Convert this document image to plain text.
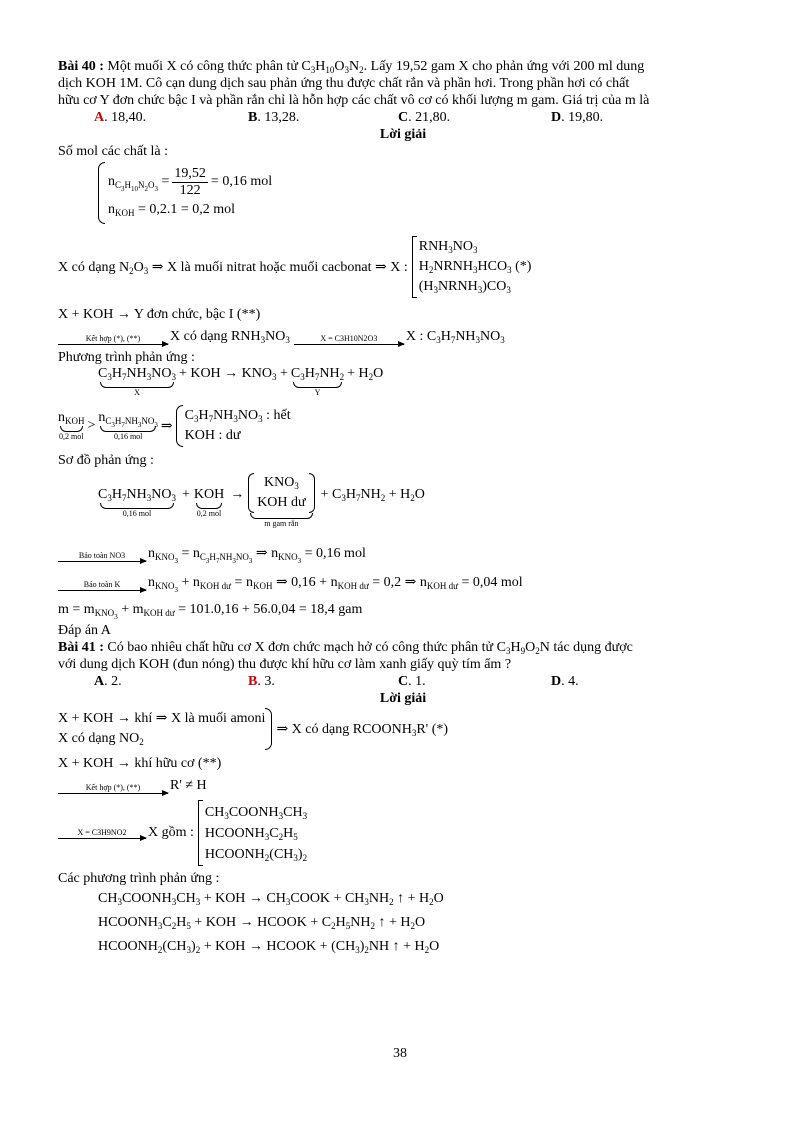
Bài 40 : Một muối X có công thức phân tử $C_3H_{10}O_3N_2$. Lấy 19,52 gam X cho phản ứng với 200 ml dung

dịch KOH 1M. Cô cạn dung dịch sau phản ứng thu được chất rắn và phần hơi. Trong phần hơi có chất

hữu cơ Y đơn chức bậc I và phần rắn chỉ là hỗn hợp các chất vô cơ có khối lượng m gam. Giá trị của m là

A. 18,40.	B. 13,28.	C. 21,80.	D. 19,80.

Lời giải

Số mol các chất là :

$n_{C_3H_{10}N_2O_3} = \frac{19,52}{122} = 0,16$ mol
$n_{KOH} = 0,2.1 = 0,2$ mol
X có dạng $N_2O_3$ ⇒ X là muối nitrat hoặc muối cacbonat ⇒ X :
$RNH_3NO_3$
$H_2NRNH_3HCO_3$ (*)
$(H_3NRNH_3)CO_3$

X + KOH → Y đơn chức, bậc I (**)

Kết hợp (*), (**)	X có dạng $RNH_3NO_3$	X = C3H10N2O3	X : $C_3H_7NH_3NO_3$

Phương trình phản ứng :

$C_3H_7NH_3NO_3$
X
+ KOH → $KNO_3 + C_3H_7NH_2$
Y
+ $H_2O$
$n_{KOH}$
0,2 mol
>
$n_{C_3H_7NH_3NO_3}$
0,16 mol
⇒
$C_3H_7NH_3NO_3$ : hết
KOH : dư

Sơ đồ phản ứng :

$C_3H_7NH_3NO_3$
0,16 mol
+ KOH
0,2 mol
→
$KNO_3$
KOH dư
m gam rắn
+ $C_3H_7NH_2 + H_2O$
Bảo toàn NO3	$n_{KNO_3} = n_{C_3H_7NH_3NO_3}$ ⇒ $n_{KNO_3} = 0,16$ mol
Bảo toàn K	$n_{KNO_3} + n_{KOH dư} = n_{KOH}$ ⇒ $0,16 + n_{KOH dư} = 0,2$ ⇒ $n_{KOH dư} = 0,04$ mol

$m = m_{KNO_3} + m_{KOH dư} = 101.0,16 + 56.0,04 = 18,4$ gam

Đáp án A

Bài 41 : Có bao nhiêu chất hữu cơ X đơn chức mạch hở có công thức phân tử $C_3H_9O_2N$ tác dụng được

với dung dịch KOH (đun nóng) thu được khí hữu cơ làm xanh giấy quỳ tím ẩm ?

A. 2.	B. 3.	C. 1.	D. 4.

Lời giải

X + KOH → khí ⇒ X là muối amoni
X có dạng $NO_2$
⇒ X có dạng $RCOONH_3R'$ (*)

X + KOH → khí hữu cơ (**)

Kết hợp (*), (**)	R' ≠ H
X = C3H9NO2	X gồm :
$CH_3COONH_3CH_3$
$HCOONH_3C_2H_5$
$HCOONH_2(CH_3)_2$

Các phương trình phản ứng :

$CH_3COONH_3CH_3$ + KOH → $CH_3COOK + CH_3NH_2$ ↑ + $H_2O$
$HCOONH_3C_2H_5$ + KOH → HCOOK + $C_2H_5NH_2$ ↑ + $H_2O$
$HCOONH_2(CH_3)_2$ + KOH → HCOOK + $(CH_3)_2NH$ ↑ + $H_2O$
38
